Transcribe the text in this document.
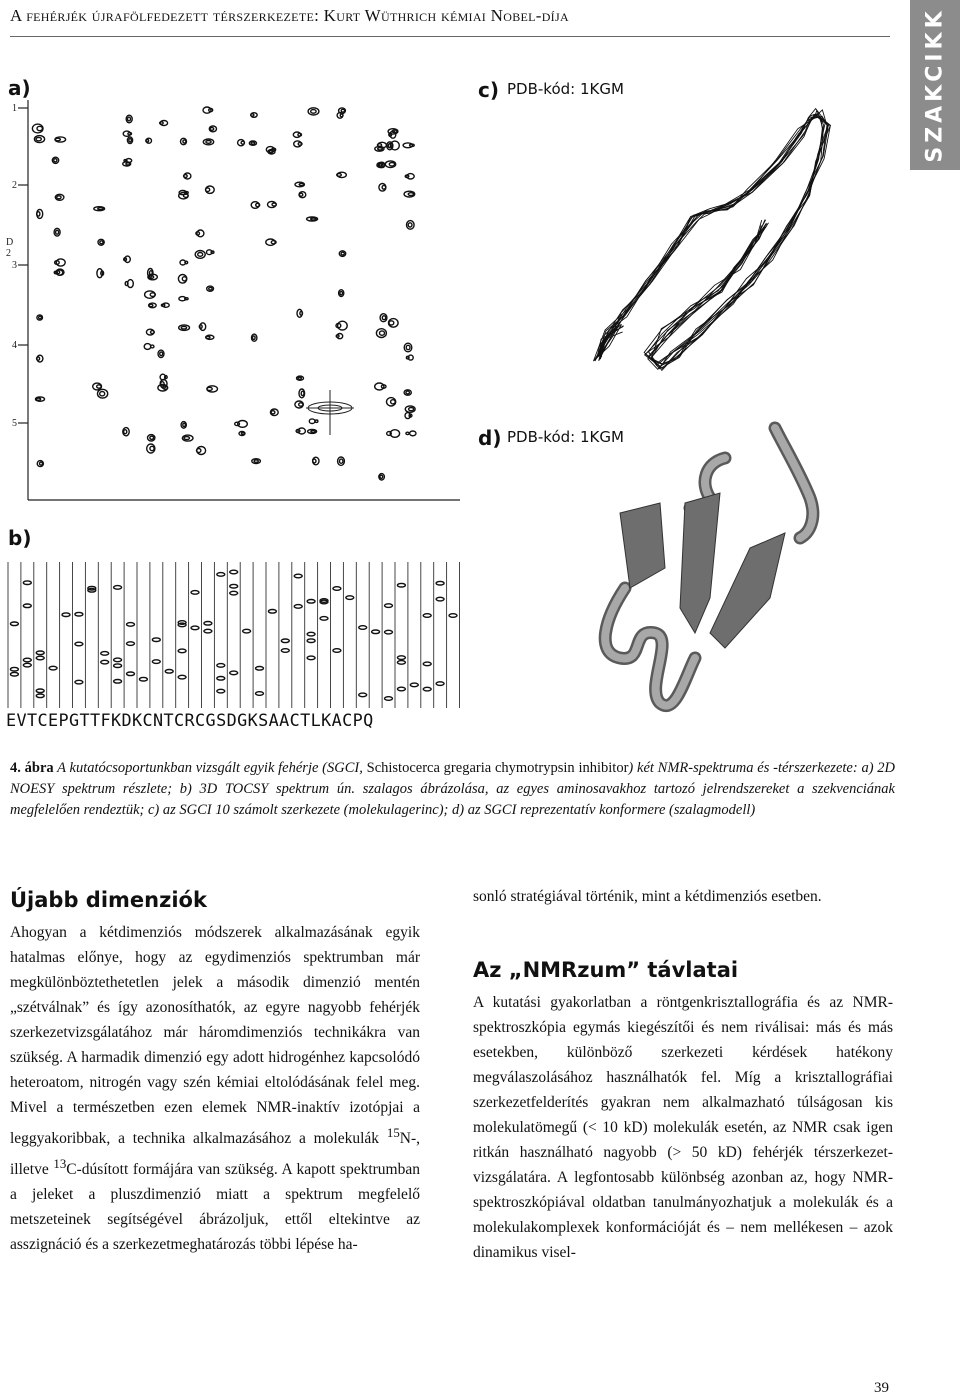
A fehérjék újrafölfedezett térszerkezete: Kurt Wüthrich kémiai Nobel-díja	SZAKCIKK
a)
1
2
D
2
3
4
5
b)
EVTCEPGTTFKDKCNTCRCGSDGKSAACTLKACPQ
c) PDB-kód: 1KGM
d) PDB-kód: 1KGM
4. ábra A kutatócsoportunkban vizsgált egyik fehérje (SGCI, Schistocerca gregaria chymotrypsin inhibitor) két NMR-spektruma és -térszerkezete: a) 2D NOESY spektrum részlete; b) 3D TOCSY spektrum ún. szalagos ábrázolása, az egyes aminosavakhoz tartozó jelrendszereket a szekvenciának megfelelően rendeztük; c) az SGCI 10 számolt szerkezete (molekulagerinc); d) az SGCI reprezentatív konformere (szalagmodell)
Újabb dimenziók
Ahogyan a kétdimenziós módszerek alkalmazásának egyik hatalmas előnye, hogy az egydimenziós spektrumban már megkülönböztethetetlen jelek a második dimenzió mentén „szétválnak” és így azonosíthatók, az egyre nagyobb fehérjék szerkezetvizsgálatához már háromdimenziós technikákra van szükség. A harmadik dimenzió egy adott hidrogénhez kapcsolódó heteroatom, nitrogén vagy szén kémiai eltolódásának felel meg. Mivel a természetben ezen elemek NMR-inaktív izotópjai a leggyakoribbak, a technika alkalmazásához a molekulák $^{15}$N-, illetve $^{13}$C-dúsított formájára van szükség. A kapott spektrumban a jeleket a pluszdimenzió miatt a spektrum megfelelő metszeteinek segítségével ábrázoljuk, ettől eltekintve az asszignáció és a szerkezetmeghatározás többi lépése ha-
sonló stratégiával történik, mint a kétdimenziós esetben.
Az „NMRzum” távlatai
A kutatási gyakorlatban a röntgenkrisztallográfia és az NMR-spektroszkópia egymás kiegészítői és nem riválisai: más és más esetekben, különböző szerkezeti kérdések hatékony megválaszolásához használhatók fel. Míg a krisztallográfiai szerkezetfelderítés gyakran nem alkalmazható túlságosan kis molekulatömegű (< 10 kD) molekulák esetén, az NMR csak igen ritkán használható nagyobb (> 50 kD) fehérjék térszerkezet-vizsgálatára. A legfontosabb különbség azonban az, hogy NMR-spektroszkópiával oldatban tanulmányozhatjuk a molekulák és a molekulakomplexek konformációját és – nem mellékesen – azok dinamikus visel-
39
